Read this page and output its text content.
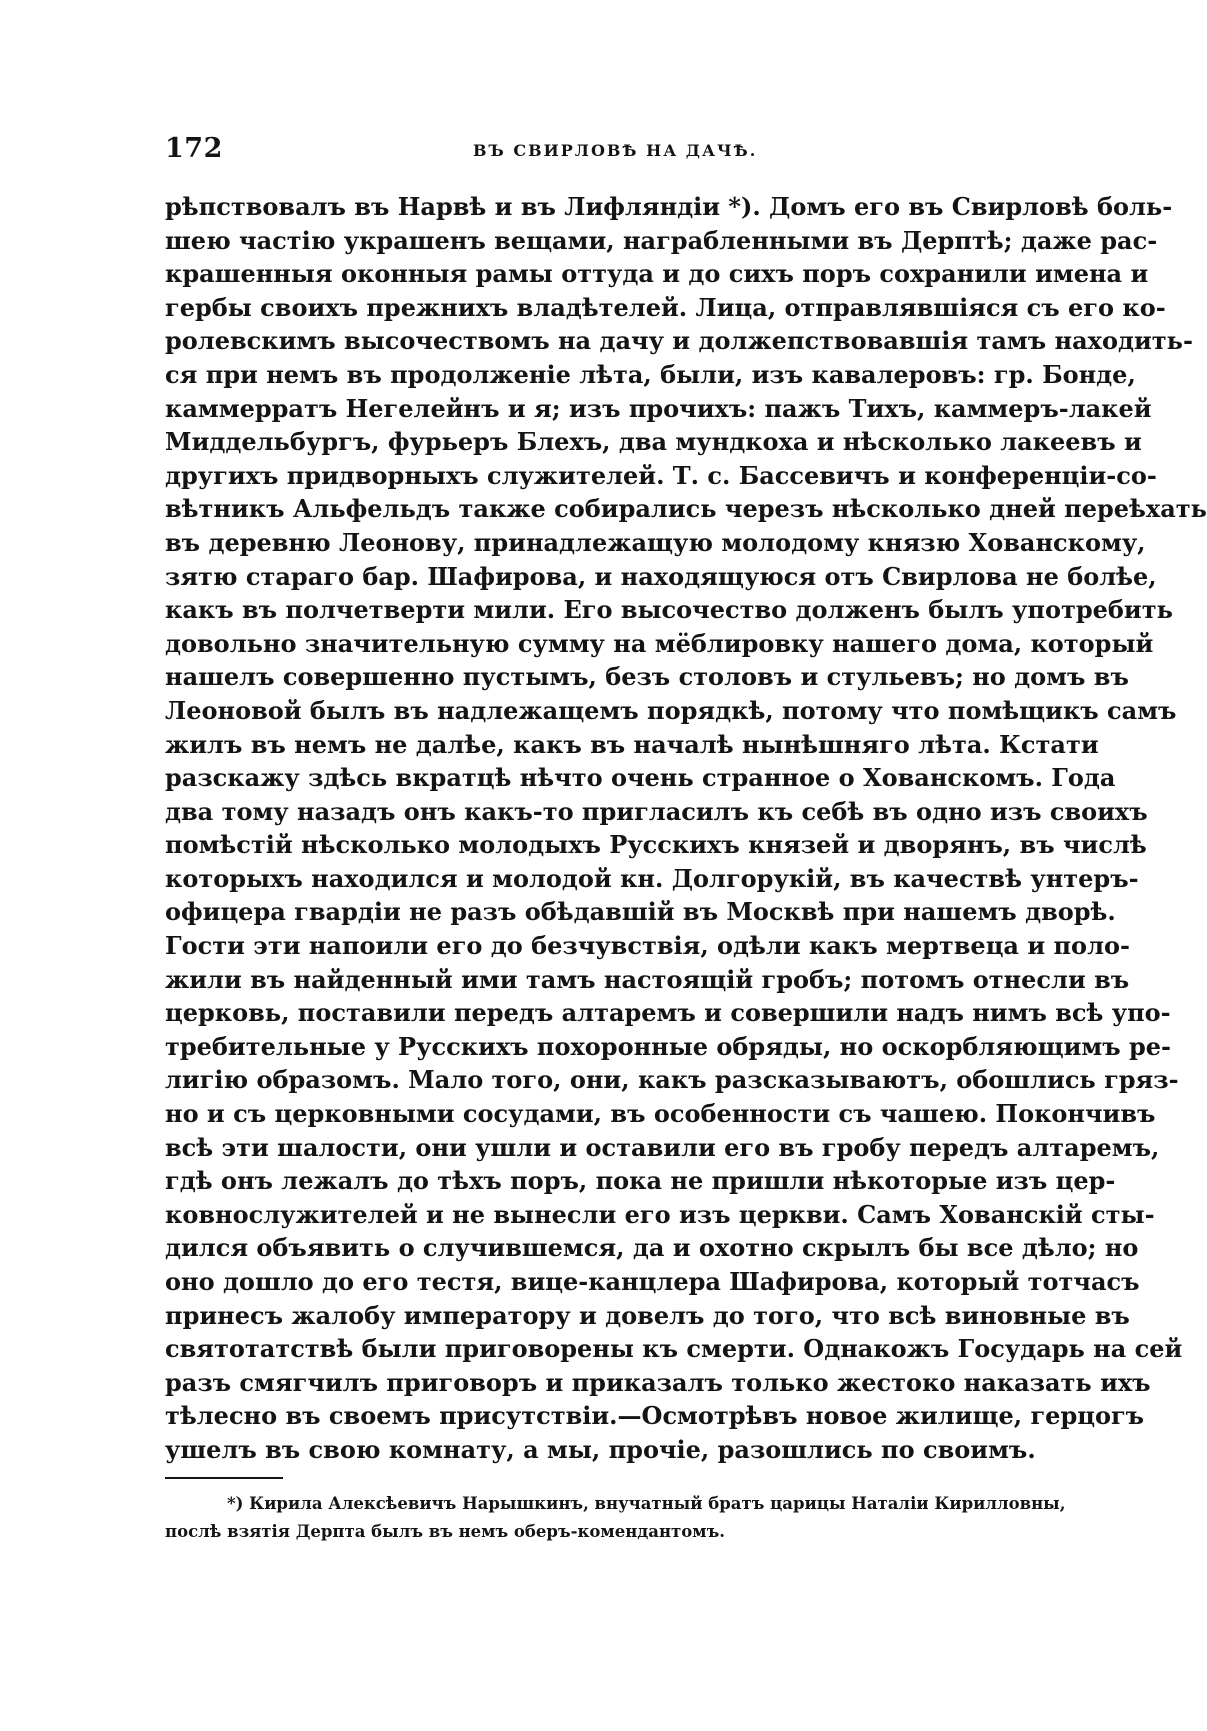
172	ВЪ СВИРЛОВѢ НА ДАЧѢ.
рѣпствовалъ въ Нарвѣ и въ Лифляндіи *). Домъ его въ Свирловѣ боль-
шею частію украшенъ вещами, награбленными въ Дерптѣ; даже рас-
крашенныя оконныя рамы оттуда и до сихъ поръ сохранили имена и
гербы своихъ прежнихъ владѣтелей. Лица, отправлявшіяся съ его ко-
ролевскимъ высочествомъ на дачу и должепствовавшія тамъ находить-
ся при немъ въ продолженіе лѣта, были, изъ кавалеровъ: гр. Бонде,
каммерратъ Негелейнъ и я; изъ прочихъ: пажъ Тихъ, каммеръ-лакей
Миддельбургъ, фурьеръ Блехъ, два мундкоха и нѣсколько лакеевъ и
другихъ придворныхъ служителей. Т. с. Бассевичъ и конференціи-со-
вѣтникъ Альфельдъ также собирались черезъ нѣсколько дней переѣхать
въ деревню Леонову, принадлежащую молодому князю Хованскому,
зятю стараго бар. Шафирова, и находящуюся отъ Свирлова не болѣе,
какъ въ полчетверти мили. Его высочество долженъ былъ употребить
довольно значительную сумму на мёблировку нашего дома, который
нашелъ совершенно пустымъ, безъ столовъ и стульевъ; но домъ въ
Леоновой былъ въ надлежащемъ порядкѣ, потому что помѣщикъ самъ
жилъ въ немъ не далѣе, какъ въ началѣ нынѣшняго лѣта. Кстати
разскажу здѣсь вкратцѣ нѣчто очень странное о Хованскомъ. Года
два тому назадъ онъ какъ-то пригласилъ къ себѣ въ одно изъ своихъ
помѣстій нѣсколько молодыхъ Русскихъ князей и дворянъ, въ числѣ
которыхъ находился и молодой кн. Долгорукій, въ качествѣ унтеръ-
офицера гвардіи не разъ обѣдавшій въ Москвѣ при нашемъ дворѣ.
Гости эти напоили его до безчувствія, одѣли какъ мертвеца и поло-
жили въ найденный ими тамъ настоящій гробъ; потомъ отнесли въ
церковь, поставили передъ алтаремъ и совершили надъ нимъ всѣ упо-
требительные у Русскихъ похоронные обряды, но оскорбляющимъ ре-
лигію образомъ. Мало того, они, какъ разсказываютъ, обошлись гряз-
но и съ церковными сосудами, въ особенности съ чашею. Покончивъ
всѣ эти шалости, они ушли и оставили его въ гробу передъ алтаремъ,
гдѣ онъ лежалъ до тѣхъ поръ, пока не пришли нѣкоторые изъ цер-
ковнослужителей и не вынесли его изъ церкви. Самъ Хованскій сты-
дился объявить о случившемся, да и охотно скрылъ бы все дѣло; но
оно дошло до его тестя, вице-канцлера Шафирова, который тотчасъ
принесъ жалобу императору и довелъ до того, что всѣ виновные въ
святотатствѣ были приговорены къ смерти. Однакожъ Государь на сей
разъ смягчилъ приговоръ и приказалъ только жестоко наказать ихъ
тѣлесно въ своемъ присутствіи.—Осмотрѣвъ новое жилище, герцогъ
ушелъ въ свою комнату, а мы, прочіе, разошлись по своимъ.
*) Кирила Алексѣевичъ Нарышкинъ, внучатный братъ царицы Наталіи Кирилловны,
послѣ взятія Дерпта былъ въ немъ оберъ-комендантомъ.
